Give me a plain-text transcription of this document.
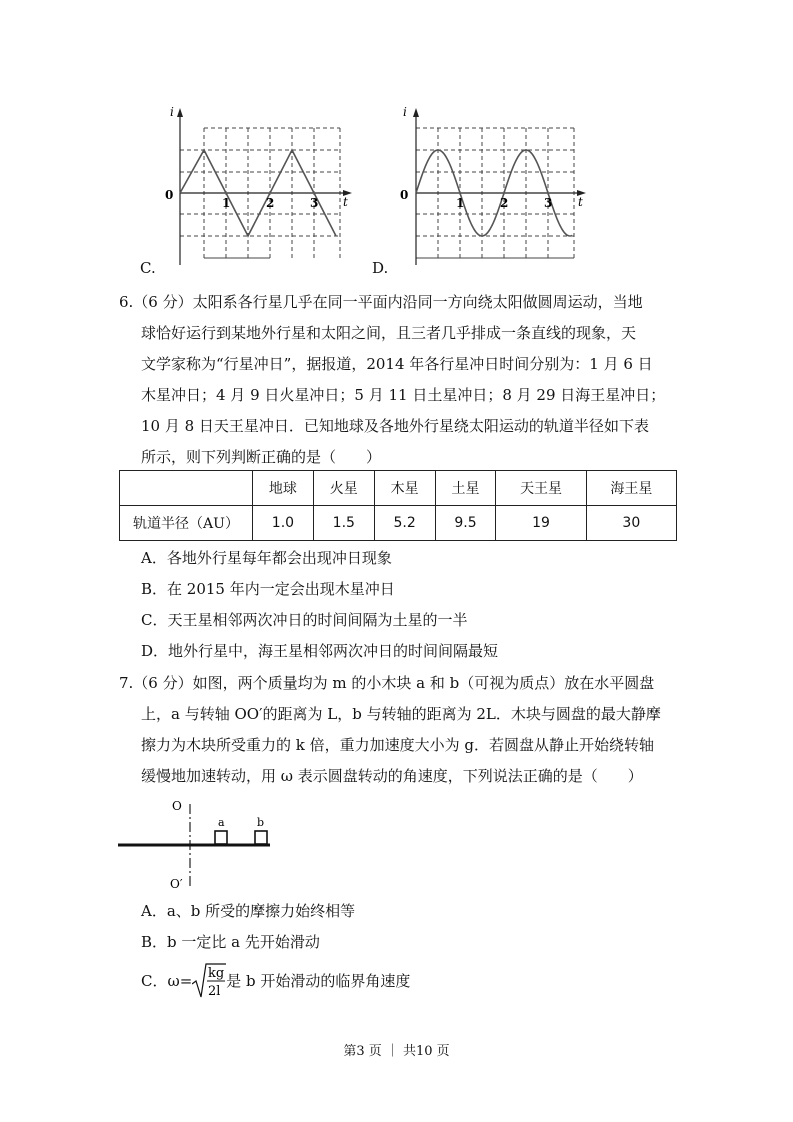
i
0	t
1	2	3
C.
i
0	t
1	2	3
D.
6.（6 分）太阳系各行星几乎在同一平面内沿同一方向绕太阳做圆周运动，当地
球恰好运行到某地外行星和太阳之间，且三者几乎排成一条直线的现象，天
文学家称为“行星冲日”，据报道，2014 年各行星冲日时间分别为：1 月 6 日
木星冲日；4 月 9 日火星冲日；5 月 11 日土星冲日；8 月 29 日海王星冲日；
10 月 8 日天王星冲日．已知地球及各地外行星绕太阳运动的轨道半径如下表
所示，则下列判断正确的是（　　）
	地球	火星	木星	土星	天王星	海王星
轨道半径（AU）	1.0	1.5	5.2	9.5	19	30
A．各地外行星每年都会出现冲日现象
B．在 2015 年内一定会出现木星冲日
C．天王星相邻两次冲日的时间间隔为土星的一半
D．地外行星中，海王星相邻两次冲日的时间间隔最短
7.（6 分）如图，两个质量均为 m 的小木块 a 和 b（可视为质点）放在水平圆盘
上，a 与转轴 OO′的距离为 L，b 与转轴的距离为 2L．木块与圆盘的最大静摩
擦力为木块所受重力的 k 倍，重力加速度大小为 g．若圆盘从静止开始绕转轴
缓慢地加速转动，用 ω 表示圆盘转动的角速度，下列说法正确的是（　　）
O
O′
a	b
A．a、b 所受的摩擦力始终相等
B．b 一定比 a 先开始滑动
C．ω= kg
2l
是 b 开始滑动的临界角速度
第3 页 ｜ 共10 页
